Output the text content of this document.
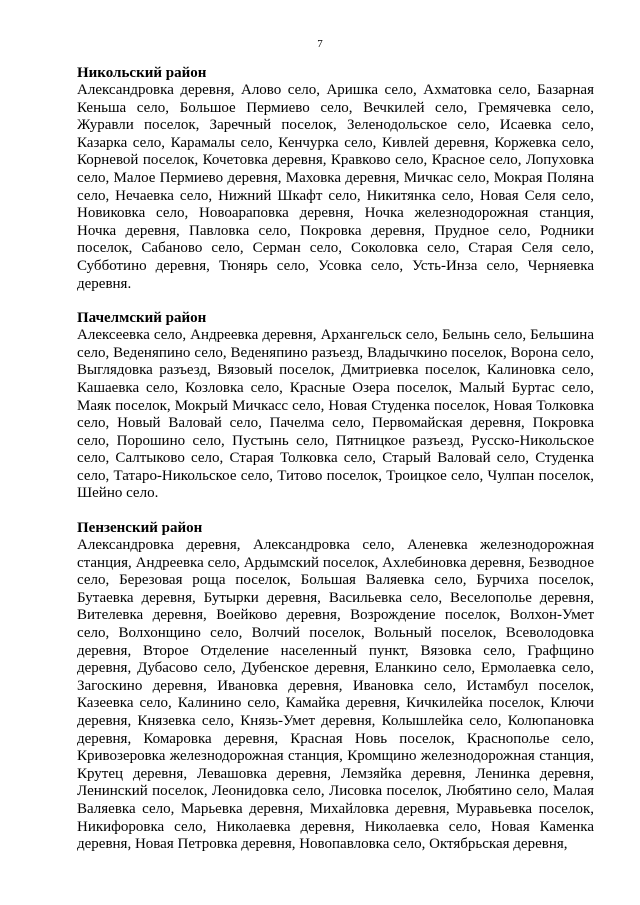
7

Никольский район

Александровка деревня, Алово село, Аришка село, Ахматовка село, Базарная Кеньша село, Большое Пермиево село, Вечкилей село, Гремячевка село, Журавли поселок, Заречный поселок, Зеленодольское село, Исаевка село, Казарка село, Карамалы село, Кенчурка село, Кивлей деревня, Коржевка село, Корневой поселок, Кочетовка деревня, Кравково село, Красное село, Лопуховка село, Малое Пермиево деревня, Маховка деревня, Мичкас село, Мокрая Поляна село, Нечаевка село, Нижний Шкафт село, Никитянка село, Новая Селя село, Новиковка село, Новоараповка деревня, Ночка железнодорожная станция, Ночка деревня, Павловка село, Покровка деревня, Прудное село, Родники поселок, Сабаново село, Серман село, Соколовка село, Старая Селя село, Субботино деревня, Тюнярь село, Усовка село, Усть-Инза село, Черняевка деревня.

Пачелмский район

Алексеевка село, Андреевка деревня, Архангельск село, Белынь село, Бельшина село, Веденяпино село, Веденяпино разъезд, Владычкино поселок, Ворона село, Выглядовка разъезд, Вязовый поселок, Дмитриевка поселок, Калиновка село, Кашаевка село, Козловка село, Красные Озера поселок, Малый Буртас село, Маяк поселок, Мокрый Мичкасс село, Новая Студенка поселок, Новая Толковка село, Новый Валовай село, Пачелма село, Первомайская деревня, Покровка село, Порошино село, Пустынь село, Пятницкое разъезд, Русско-Никольское село, Салтыково село, Старая Толковка село, Старый Валовай село, Студенка село, Татаро-Никольское село, Титово поселок, Троицкое село, Чулпан поселок, Шейно село.

Пензенский район

Александровка деревня, Александровка село, Аленевка железнодорожная станция, Андреевка село, Ардымский поселок, Ахлебиновка деревня, Безводное село, Березовая роща поселок, Большая Валяевка село, Бурчиха поселок, Бутаевка деревня, Бутырки деревня, Васильевка село, Веселополье деревня, Вителевка деревня, Воейково деревня, Возрождение поселок, Волхон-Умет село, Волхонщино село, Волчий поселок, Вольный поселок, Всеволодовка деревня, Второе Отделение населенный пункт, Вязовка село, Графщино деревня, Дубасово село, Дубенское деревня, Еланкино село, Ермолаевка село, Загоскино деревня, Ивановка деревня, Ивановка село, Истамбул поселок, Казеевка село, Калинино село, Камайка деревня, Кичкилейка поселок, Ключи деревня, Князевка село, Князь-Умет деревня, Колышлейка село, Колюпановка деревня, Комаровка деревня, Красная Новь поселок, Краснополье село, Кривозеровка железнодорожная станция, Кромщино железнодорожная станция, Крутец деревня, Левашовка деревня, Лемзяйка деревня, Ленинка деревня, Ленинский поселок, Леонидовка село, Лисовка поселок, Любятино село, Малая Валяевка село, Марьевка деревня, Михайловка деревня, Муравьевка поселок, Никифоровка село, Николаевка деревня, Николаевка село, Новая Каменка деревня, Новая Петровка деревня, Новопавловка село, Октябрьская деревня,
